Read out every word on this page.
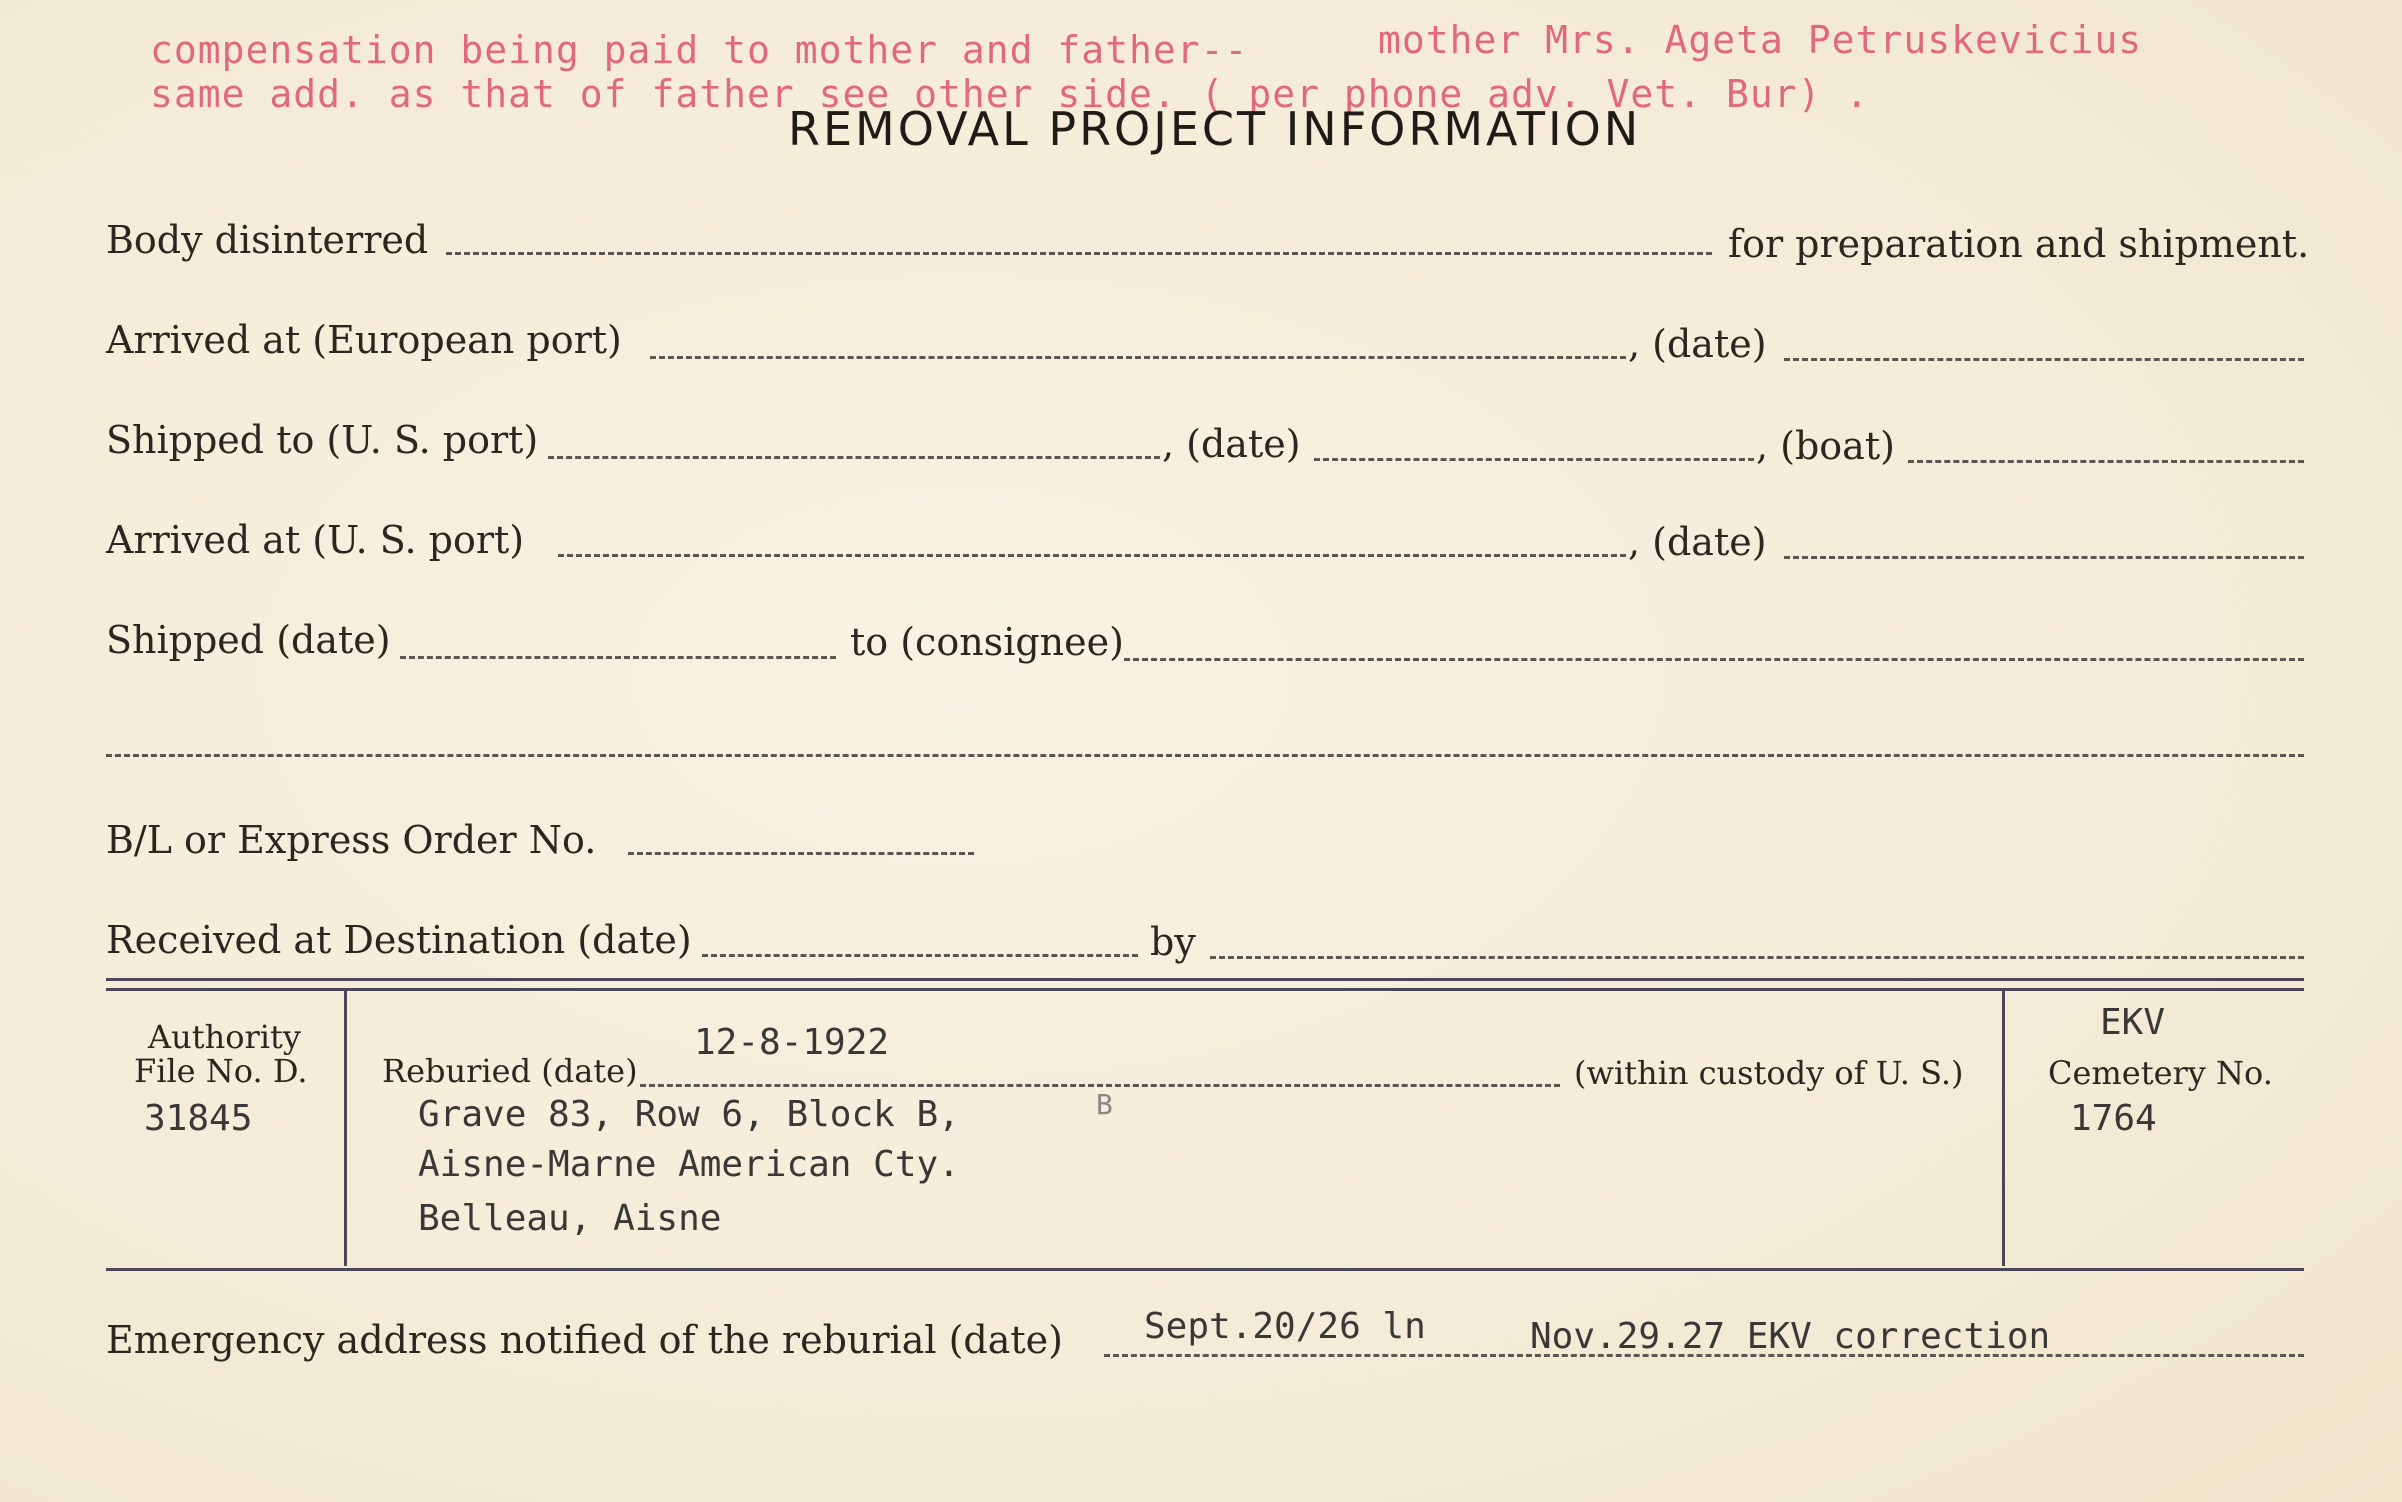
compensation being paid to mother and father--	mother Mrs. Ageta Petruskevicius
same add. as that of father see other side. ( per phone adv. Vet. Bur) .
REMOVAL PROJECT INFORMATION
Body disinterred	for preparation and shipment.
Arrived at (European port)	, (date)
Shipped to (U. S. port)	, (date)	, (boat)
Arrived at (U. S. port)	, (date)
Shipped (date)	to (consignee)
B/L or Express Order No.
Received at Destination (date)	by
Authority
File No. D.
31845
Reburied (date)
12-8-1922
(within custody of U. S.)
Grave 83, Row 6, Block B,	B
Aisne-Marne American Cty.
Belleau, Aisne
EKV
Cemetery No.
1764
Emergency address notified of the reburial (date) Sept.20/26 ln	Nov.29.27 EKV correction
